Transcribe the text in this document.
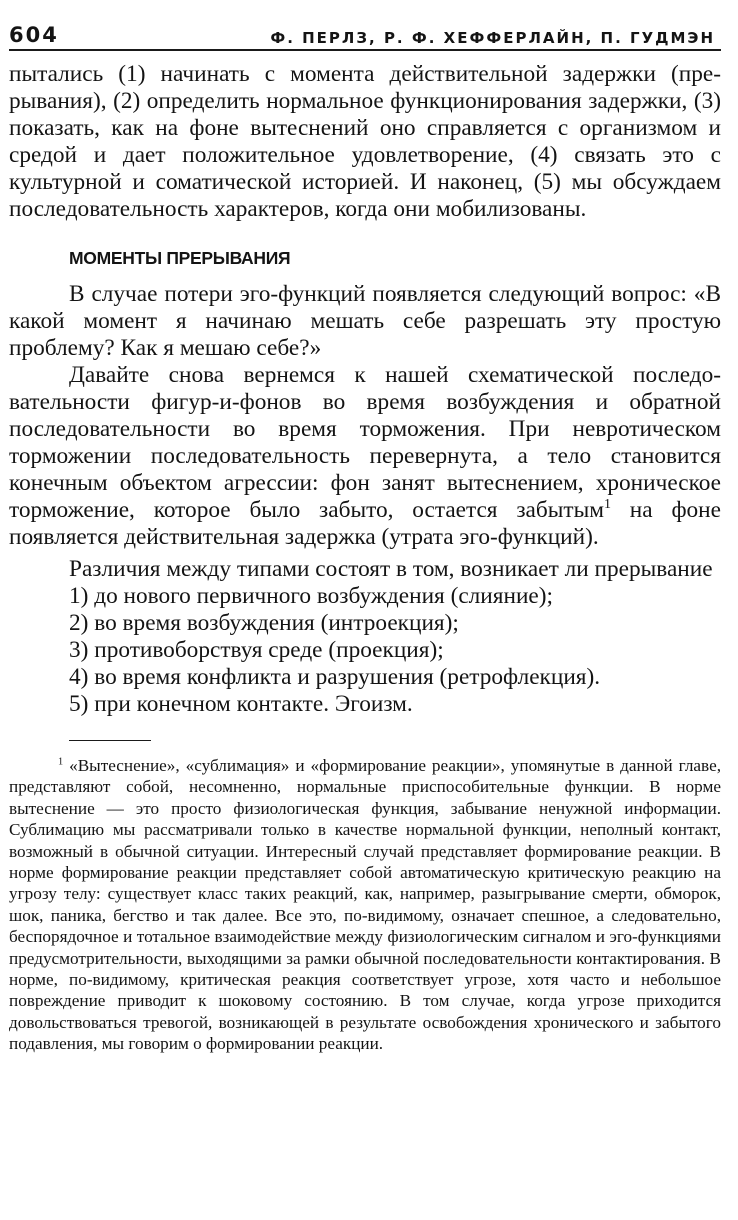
604	Ф. ПЕРЛЗ, Р. Ф. ХЕФФЕРЛАЙН, П. ГУДМЭН

пытались (1) начинать с момента действительной задержки (прерывания), (2) определить нормальное функционирования задержки, (3) показать, как на фоне вытеснений оно справляется с организмом и средой и дает положительное удовлетворение, (4) связать это с культурной и соматической историей. И наконец, (5) мы обсуждаем последовательность характеров, когда они мобилизованы.

МОМЕНТЫ ПРЕРЫВАНИЯ

В случае потери эго-функций появляется следующий вопрос: «В какой момент я начинаю мешать себе разрешать эту простую проблему? Как я мешаю себе?»

Давайте снова вернемся к нашей схематической последовательности фигур-и-фонов во время возбуждения и обратной последовательности во время торможения. При невротическом торможении последовательность перевернута, а тело становится конечным объектом агрессии: фон занят вытеснением, хроническое торможение, которое было забыто, остается забытым$^1$ на фоне появляется действительная задержка (утрата эго-функций).

Различия между типами состоят в том, возникает ли прерывание

1) до нового первичного возбуждения (слияние);
2) во время возбуждения (интроекция);
3) противоборствуя среде (проекция);
4) во время конфликта и разрушения (ретрофлекция).
5) при конечном контакте. Эгоизм.
$^1$ «Вытеснение», «сублимация» и «формирование реакции», упомянутые в данной главе, представляют собой, несомненно, нормальные приспособительные функции. В норме вытеснение — это просто физиологическая функция, забывание ненужной информации. Сублимацию мы рассматривали только в качестве нормальной функции, неполный контакт, возможный в обычной ситуации. Интересный случай представляет формирование реакции. В норме формирование реакции представляет собой автоматическую критическую реакцию на угрозу телу: существует класс таких реакций, как, например, разыгрывание смерти, обморок, шок, паника, бегство и так далее. Все это, по-видимому, означает спешное, а следовательно, беспорядочное и тотальное взаимодействие между физиологическим сигналом и эго-функциями предусмотрительности, выходящими за рамки обычной последовательности контактирования. В норме, по-видимому, критическая реакция соответствует угрозе, хотя часто и небольшое повреждение приводит к шоковому состоянию. В том случае, когда угрозе приходится довольствоваться тревогой, возникающей в результате освобождения хронического и забытого подавления, мы говорим о формировании реакции.
